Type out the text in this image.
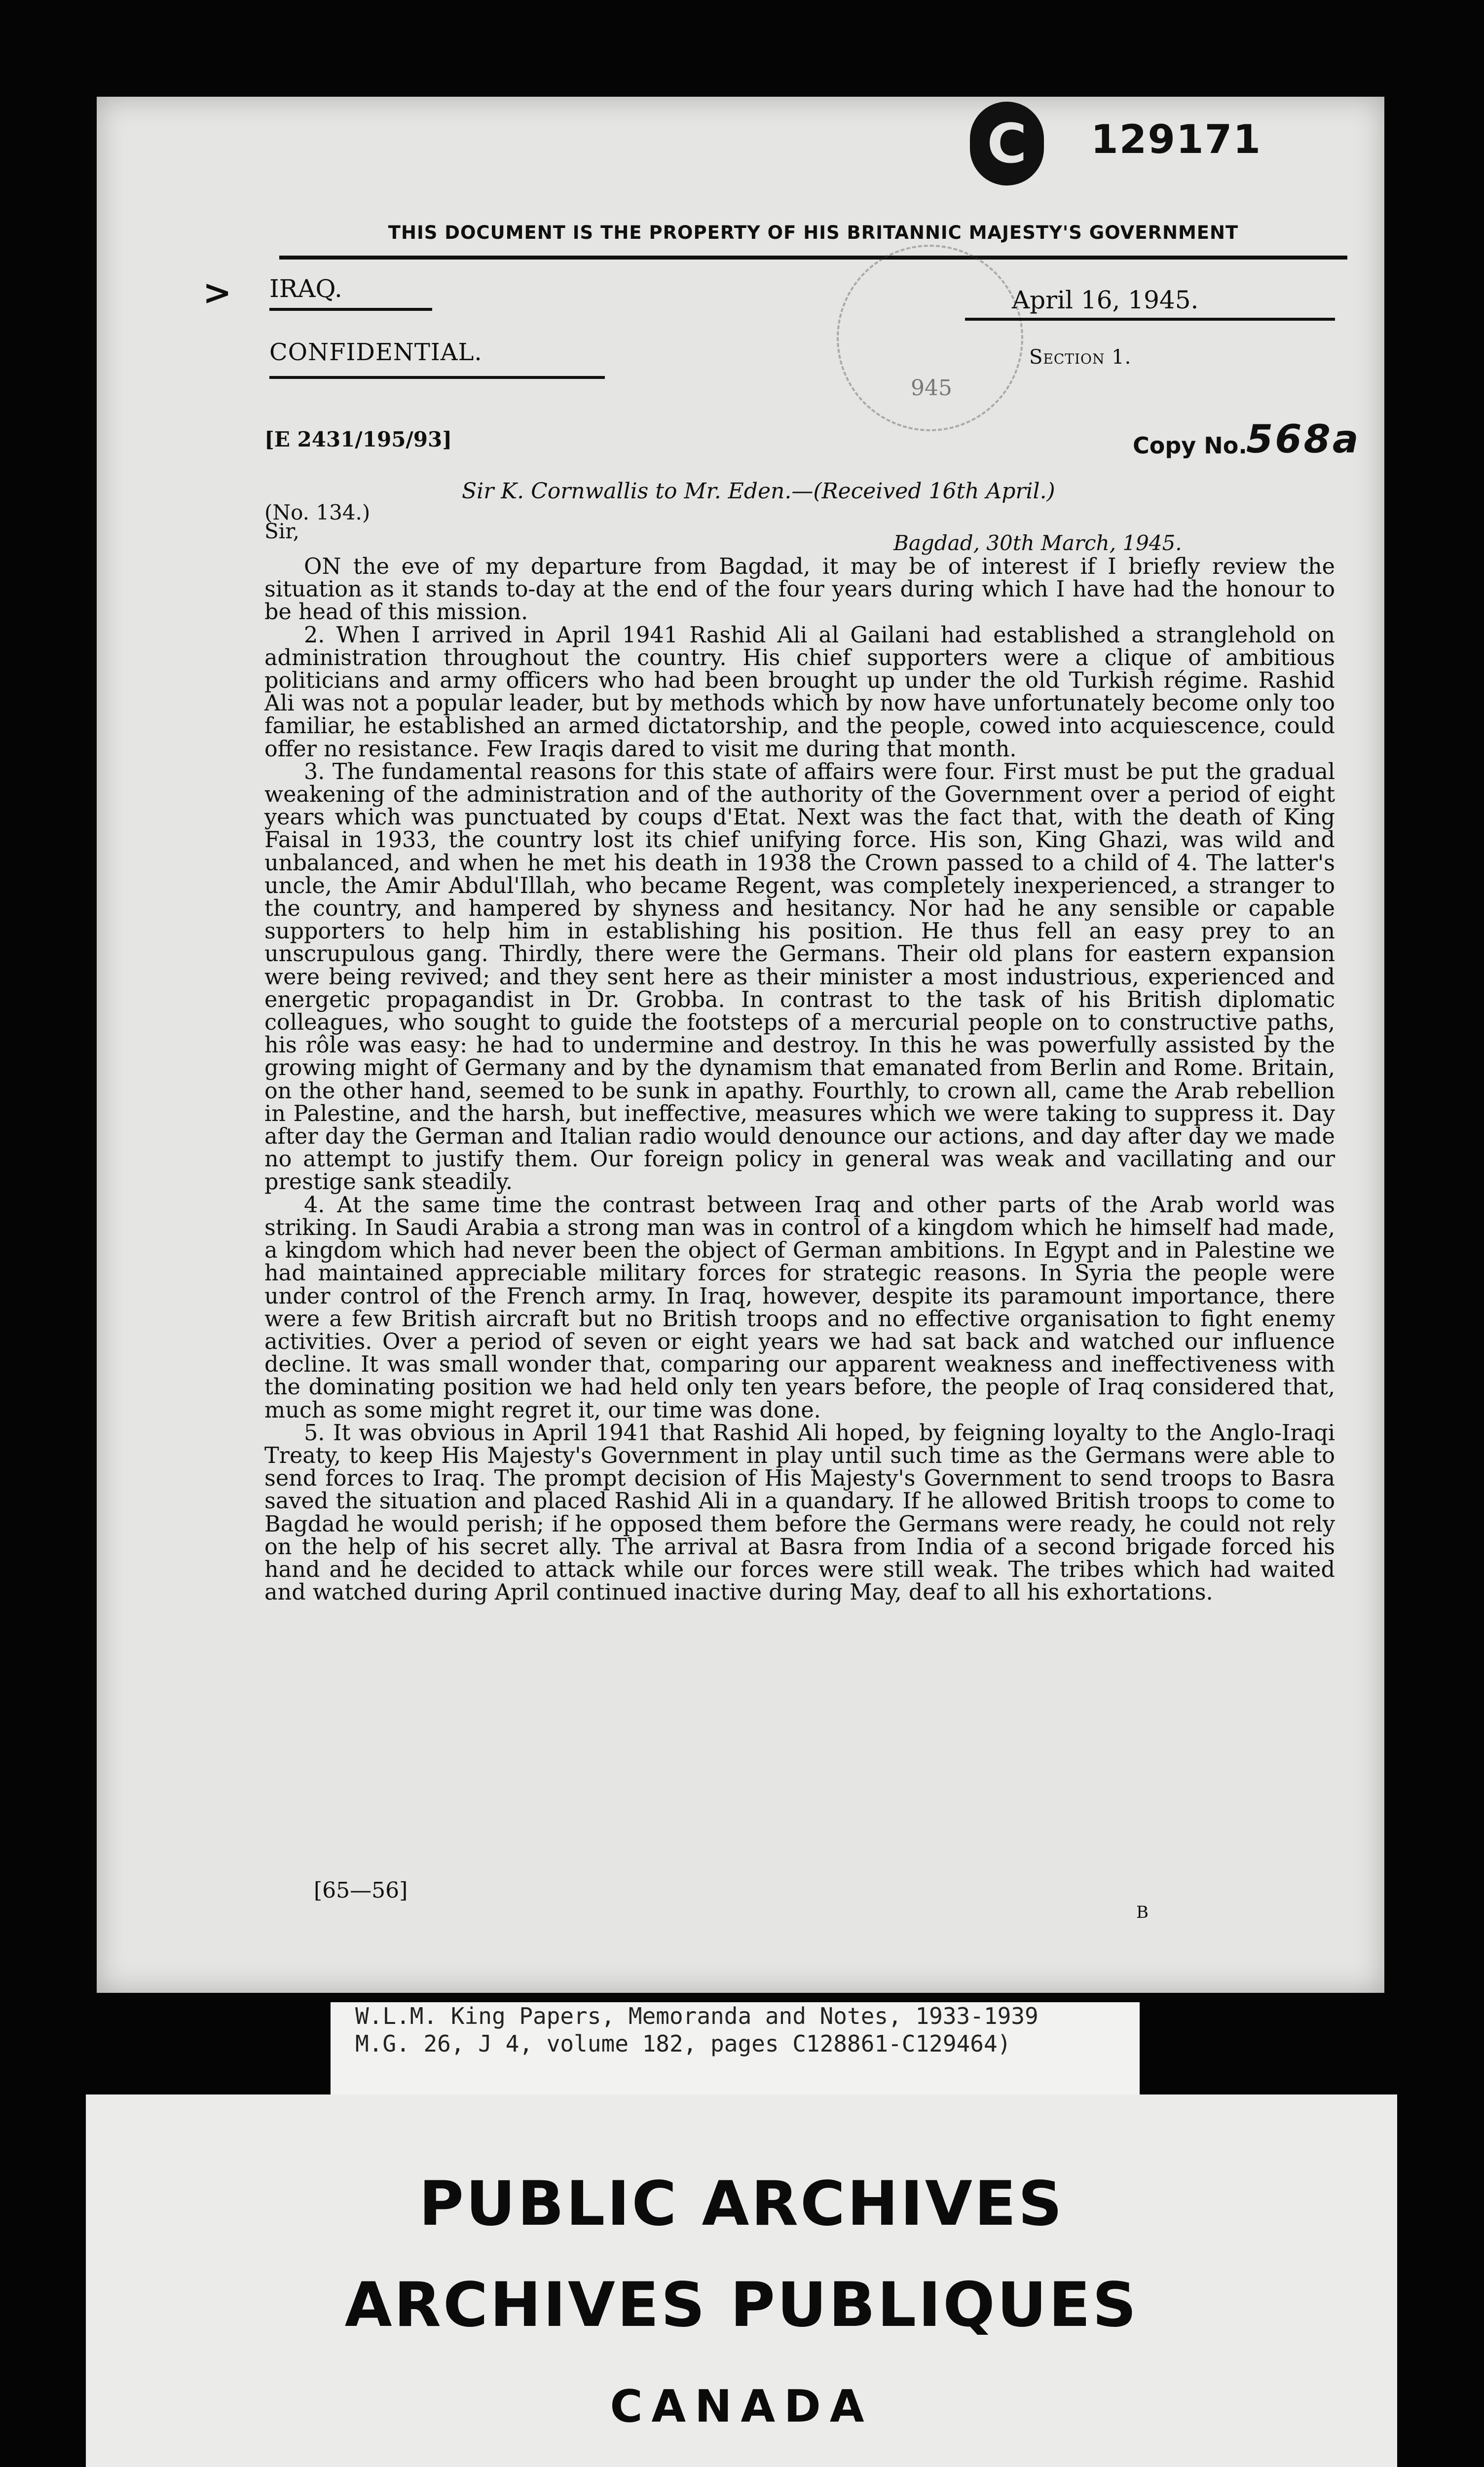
C	129171
THIS DOCUMENT IS THE PROPERTY OF HIS BRITANNIC MAJESTY'S GOVERNMENT
945
> IRAQ.	April 16, 1945.
CONFIDENTIAL.	Section 1.
[E 2431/195/93]	Copy No.
568a
Sir K. Cornwallis to Mr. Eden.—(Received 16th April.)
(No. 134.)
Sir,	Bagdad, 30th March, 1945.

ON the eve of my departure from Bagdad, it may be of interest if I briefly review the situation as it stands to-day at the end of the four years during which I have had the honour to be head of this mission.

2. When I arrived in April 1941 Rashid Ali al Gailani had established a stranglehold on administration throughout the country. His chief supporters were a clique of ambitious politicians and army officers who had been brought up under the old Turkish régime. Rashid Ali was not a popular leader, but by methods which by now have unfortunately become only too familiar, he established an armed dictatorship, and the people, cowed into acquiescence, could offer no resistance. Few Iraqis dared to visit me during that month.

3. The fundamental reasons for this state of affairs were four. First must be put the gradual weakening of the administration and of the authority of the Government over a period of eight years which was punctuated by coups d'Etat. Next was the fact that, with the death of King Faisal in 1933, the country lost its chief unifying force. His son, King Ghazi, was wild and unbalanced, and when he met his death in 1938 the Crown passed to a child of 4. The latter's uncle, the Amir Abdul'Illah, who became Regent, was completely inexperienced, a stranger to the country, and hampered by shyness and hesitancy. Nor had he any sensible or capable supporters to help him in establishing his position. He thus fell an easy prey to an unscrupulous gang. Thirdly, there were the Germans. Their old plans for eastern expansion were being revived; and they sent here as their minister a most industrious, experienced and energetic propagandist in Dr. Grobba. In contrast to the task of his British diplomatic colleagues, who sought to guide the footsteps of a mercurial people on to constructive paths, his rôle was easy: he had to undermine and destroy. In this he was powerfully assisted by the growing might of Germany and by the dynamism that emanated from Berlin and Rome. Britain, on the other hand, seemed to be sunk in apathy. Fourthly, to crown all, came the Arab rebellion in Palestine, and the harsh, but ineffective, measures which we were taking to suppress it. Day after day the German and Italian radio would denounce our actions, and day after day we made no attempt to justify them. Our foreign policy in general was weak and vacillating and our prestige sank steadily.

4. At the same time the contrast between Iraq and other parts of the Arab world was striking. In Saudi Arabia a strong man was in control of a kingdom which he himself had made, a kingdom which had never been the object of German ambitions. In Egypt and in Palestine we had maintained appreciable military forces for strategic reasons. In Syria the people were under control of the French army. In Iraq, however, despite its paramount importance, there were a few British aircraft but no British troops and no effective organisation to fight enemy activities. Over a period of seven or eight years we had sat back and watched our influence decline. It was small wonder that, comparing our apparent weakness and ineffectiveness with the dominating position we had held only ten years before, the people of Iraq considered that, much as some might regret it, our time was done.

5. It was obvious in April 1941 that Rashid Ali hoped, by feigning loyalty to the Anglo-Iraqi Treaty, to keep His Majesty's Government in play until such time as the Germans were able to send forces to Iraq. The prompt decision of His Majesty's Government to send troops to Basra saved the situation and placed Rashid Ali in a quandary. If he allowed British troops to come to Bagdad he would perish; if he opposed them before the Germans were ready, he could not rely on the help of his secret ally. The arrival at Basra from India of a second brigade forced his hand and he decided to attack while our forces were still weak. The tribes which had waited and watched during April continued inactive during May, deaf to all his exhortations.

[65—56]
B
W.L.M. King Papers, Memoranda and Notes, 1933-1939
M.G. 26, J 4, volume 182, pages C128861-C129464)
PUBLIC ARCHIVES
ARCHIVES PUBLIQUES
CANADA
